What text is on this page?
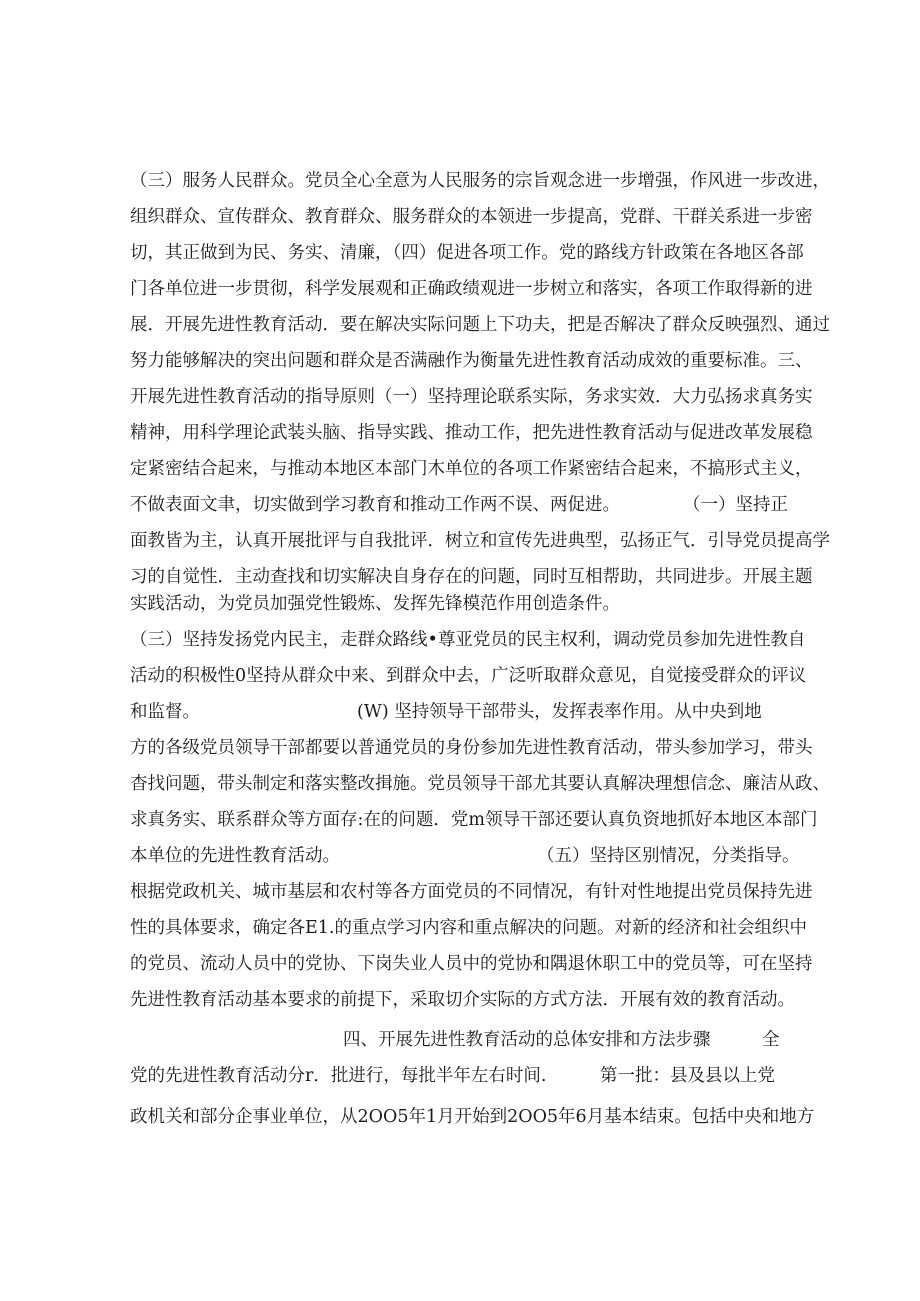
（三）服务人民群众。党员全心全意为人民服务的宗旨观念进一步增强，作风进一步改进，
组织群众、宣传群众、教育群众、服务群众的本领进一步提高，党群、干群关系进一步密
切，其正做到为民、务实、清廉，（四）促进各项工作。党的路线方针政策在各地区各部
门各单位进一步贯彻，科学发展观和正确政绩观进一步树立和落实，各项工作取得新的进
展．开展先进性教育活动．要在解决实际问题上下功夫，把是否解决了群众反映强烈、通过
努力能够解决的突出问题和群众是否满融作为衡量先进性教育活动成效的重要标准。三、
开展先进性教育活动的指导原则（一）坚持理论联系实际，务求实效．大力弘扬求真务实
精神，用科学理论武装头脑、指导实践、推动工作，把先进性教育活动与促进改革发展稳
定紧密结合起来，与推动本地区本部门木单位的各项工作紧密结合起来，不搞形式主义，
不做表面文聿，切实做到学习教育和推动工作两不误、两促进。	（一）坚持正
面教皆为主，认真开展批评与自我批评．树立和宣传先进典型，弘扬正气．引导党员提高学
习的自觉性．主动查找和切实解决自身存在的问题，同时互相帮助，共同进步。开展主题
实践活动，为党员加强党性锻炼、发挥先锋模范作用创造条件。
（三）坚持发扬党内民主，走群众路线•尊亚党员的民主权利，调动党员参加先进性教自
活动的积极性0坚持从群众中来、到群众中去，广泛听取群众意见，自觉接受群众的评议
和监督。	(W) 坚持领导干部带头，发挥表率作用。从中央到地
方的各级党员领导干部都要以普通党员的身份参加先进性教育活动，带头参加学习，带头
杳找问题，带头制定和落实整改揖施。党员领导干部尤其要认真解决理想信念、廉洁从政、
求真务实、联系群众等方面存:在的问题．党m领导干部还要认真负资地抓好本地区本部门
本单位的先进性教育活动。	（五）坚持区别情况，分类指导。
根据党政机关、城市基层和农村等各方面党员的不同情况，有针对性地提出党员保持先进
性的具体要求，确定各E1.的重点学习内容和重点解决的问题。对新的经济和社会组织中
的党员、流动人员中的党协、下岗失业人员中的党协和隅退休职工中的党员等，可在坚持
先进性教育活动基本要求的前提下，采取切介实际的方式方法．开展有效的教育活动。
四、开展先进性教育活动的总体安排和方法步骤	全
党的先进性教育活动分r．批进行，每批半年左右时间.	第一批：县及县以上党
政机关和部分企事业单位，从2OO5年1月开始到2OO5年6月基本结束。包括中央和地方
